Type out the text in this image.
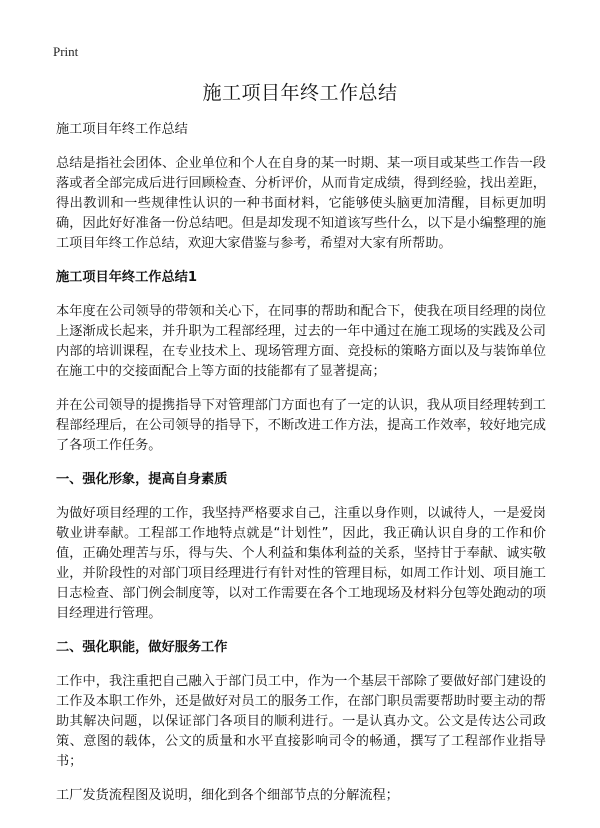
Print
施工项目年终工作总结

施工项目年终工作总结

总结是指社会团体、企业单位和个人在自身的某一时期、某一项目或某些工作告一段落或者全部完成后进行回顾检查、分析评价，从而肯定成绩，得到经验，找出差距，得出教训和一些规律性认识的一种书面材料，它能够使头脑更加清醒，目标更加明确，因此好好准备一份总结吧。但是却发现不知道该写些什么，以下是小编整理的施工项目年终工作总结，欢迎大家借鉴与参考，希望对大家有所帮助。

施工项目年终工作总结1

本年度在公司领导的带领和关心下，在同事的帮助和配合下，使我在项目经理的岗位上逐渐成长起来，并升职为工程部经理，过去的一年中通过在施工现场的实践及公司内部的培训课程，在专业技术上、现场管理方面、竞投标的策略方面以及与装饰单位在施工中的交接面配合上等方面的技能都有了显著提高；

并在公司领导的提携指导下对管理部门方面也有了一定的认识，我从项目经理转到工程部经理后，在公司领导的指导下，不断改进工作方法，提高工作效率，较好地完成了各项工作任务。

一、强化形象，提高自身素质

为做好项目经理的工作，我坚持严格要求自己，注重以身作则，以诚待人，一是爱岗敬业讲奉献。工程部工作地特点就是“计划性”，因此，我正确认识自身的工作和价值，正确处理苦与乐，得与失、个人利益和集体利益的关系，坚持甘于奉献、诚实敬业，并阶段性的对部门项目经理进行有针对性的管理目标，如周工作计划、项目施工日志检查、部门例会制度等，以对工作需要在各个工地现场及材料分包等处跑动的项目经理进行管理。

二、强化职能，做好服务工作

工作中，我注重把自己融入于部门员工中，作为一个基层干部除了要做好部门建设的工作及本职工作外，还是做好对员工的服务工作，在部门职员需要帮助时要主动的帮助其解决问题，以保证部门各项目的顺利进行。一是认真办文。公文是传达公司政策、意图的载体，公文的质量和水平直接影响司令的畅通，撰写了工程部作业指导书；

工厂发货流程图及说明，细化到各个细部节点的分解流程；
